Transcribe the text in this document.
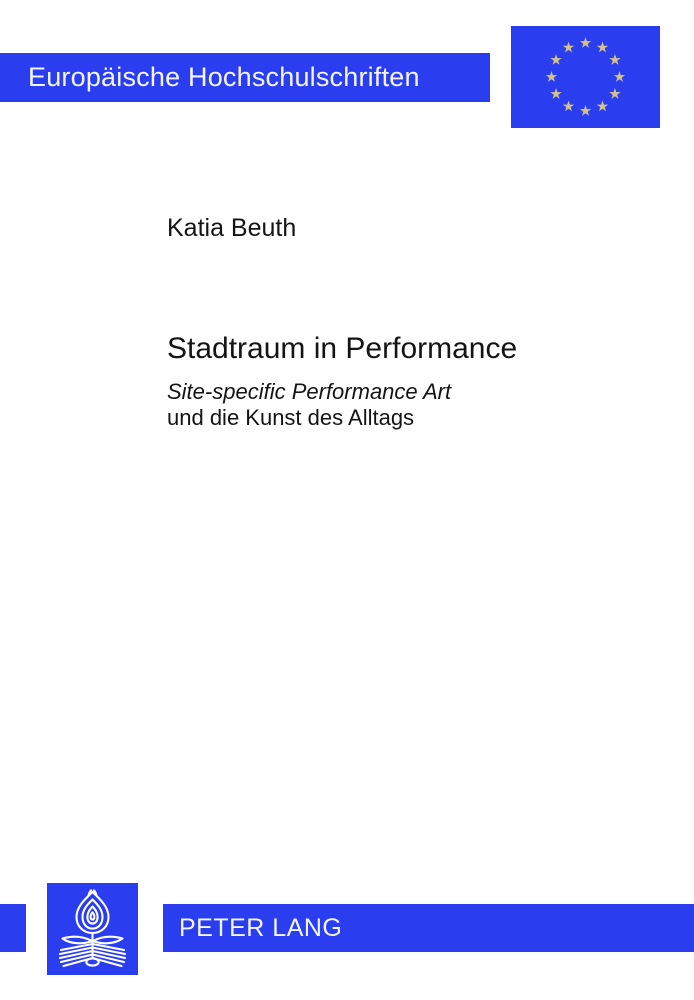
Europäische Hochschulschriften
Katia Beuth
Stadtraum in Performance
Site-specific Performance Art
und die Kunst des Alltags
PETER LANG
